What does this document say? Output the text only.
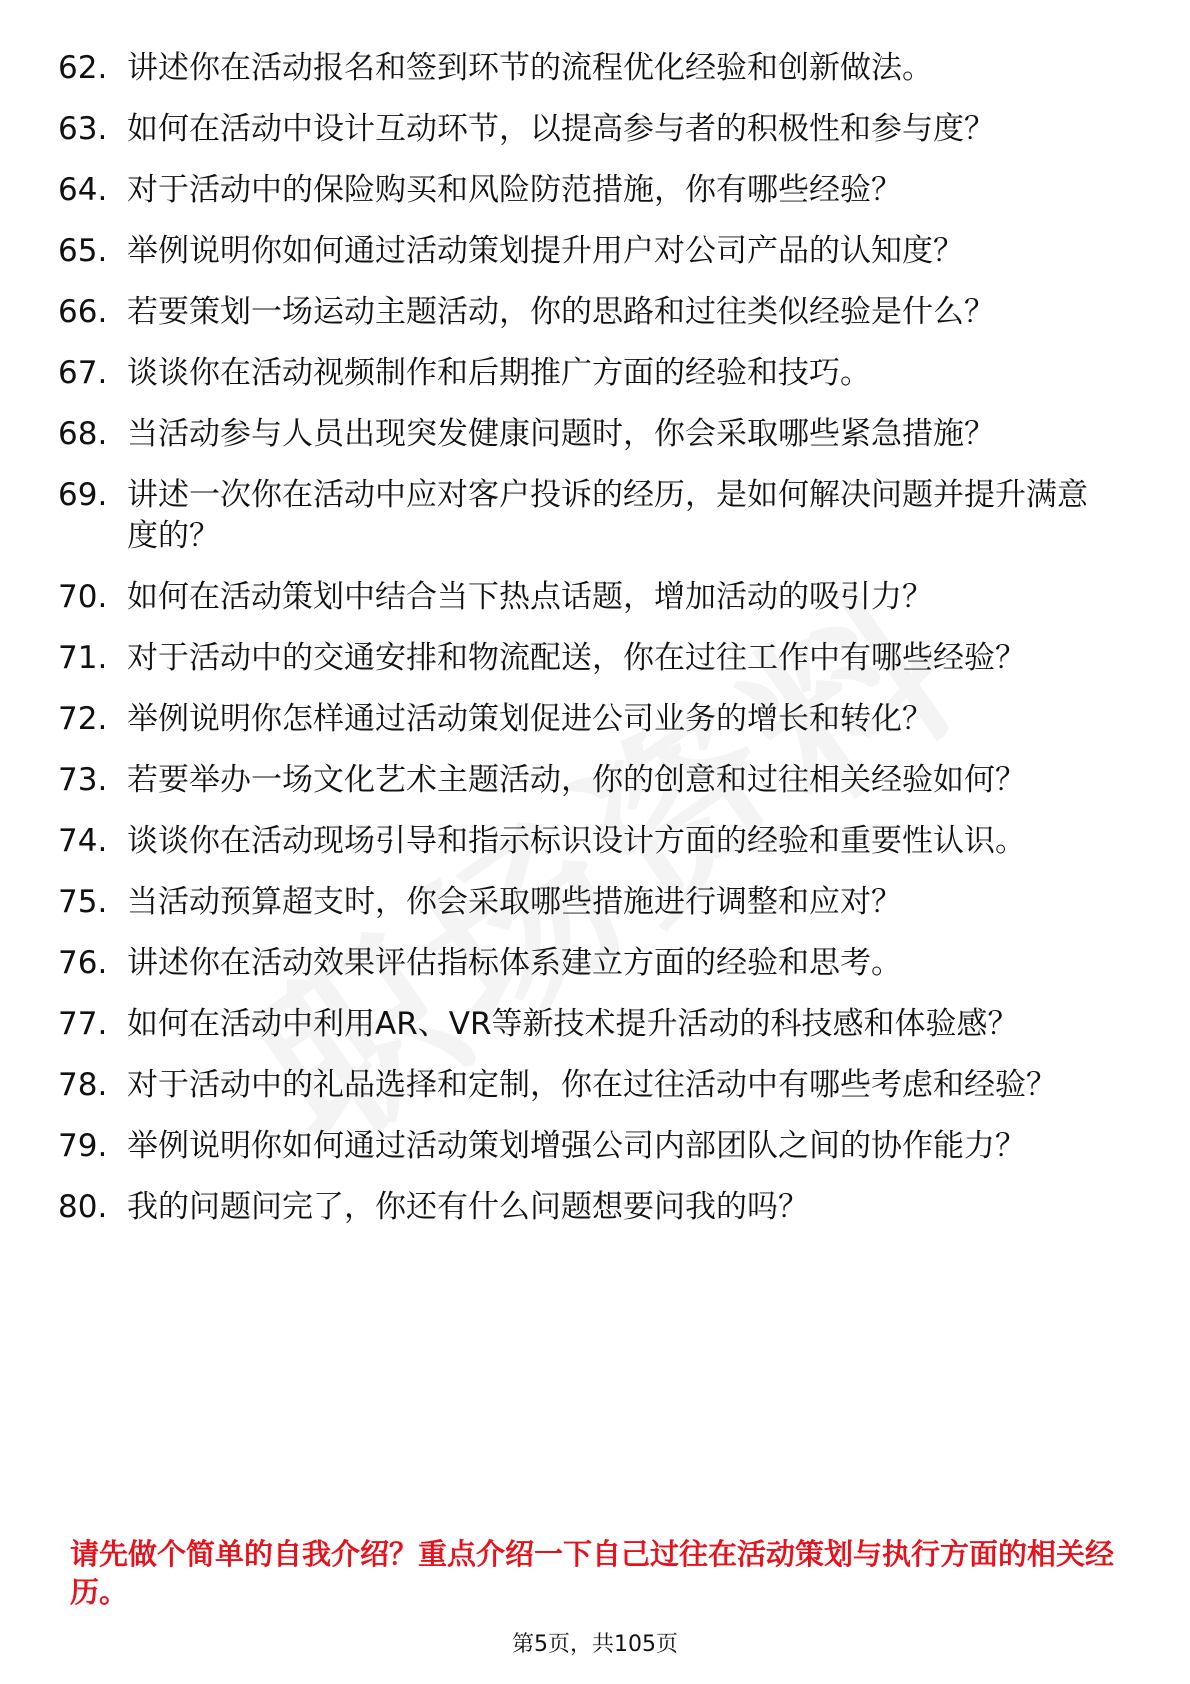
62. 讲述你在活动报名和签到环节的流程优化经验和创新做法。
63. 如何在活动中设计互动环节，以提高参与者的积极性和参与度？
64. 对于活动中的保险购买和风险防范措施，你有哪些经验？
65. 举例说明你如何通过活动策划提升用户对公司产品的认知度？
66. 若要策划一场运动主题活动，你的思路和过往类似经验是什么？
67. 谈谈你在活动视频制作和后期推广方面的经验和技巧。
68. 当活动参与人员出现突发健康问题时，你会采取哪些紧急措施？
69. 讲述一次你在活动中应对客户投诉的经历，是如何解决问题并提升满意度的？
70. 如何在活动策划中结合当下热点话题，增加活动的吸引力？
71. 对于活动中的交通安排和物流配送，你在过往工作中有哪些经验？
72. 举例说明你怎样通过活动策划促进公司业务的增长和转化？
73. 若要举办一场文化艺术主题活动，你的创意和过往相关经验如何？
74. 谈谈你在活动现场引导和指示标识设计方面的经验和重要性认识。
75. 当活动预算超支时，你会采取哪些措施进行调整和应对？
76. 讲述你在活动效果评估指标体系建立方面的经验和思考。
77. 如何在活动中利用AR、VR等新技术提升活动的科技感和体验感？
78. 对于活动中的礼品选择和定制，你在过往活动中有哪些考虑和经验？
79. 举例说明你如何通过活动策划增强公司内部团队之间的协作能力？
80. 我的问题问完了，你还有什么问题想要问我的吗？
请先做个简单的自我介绍？重点介绍一下自己过往在活动策划与执行方面的相关经历。
第5页，共105页
